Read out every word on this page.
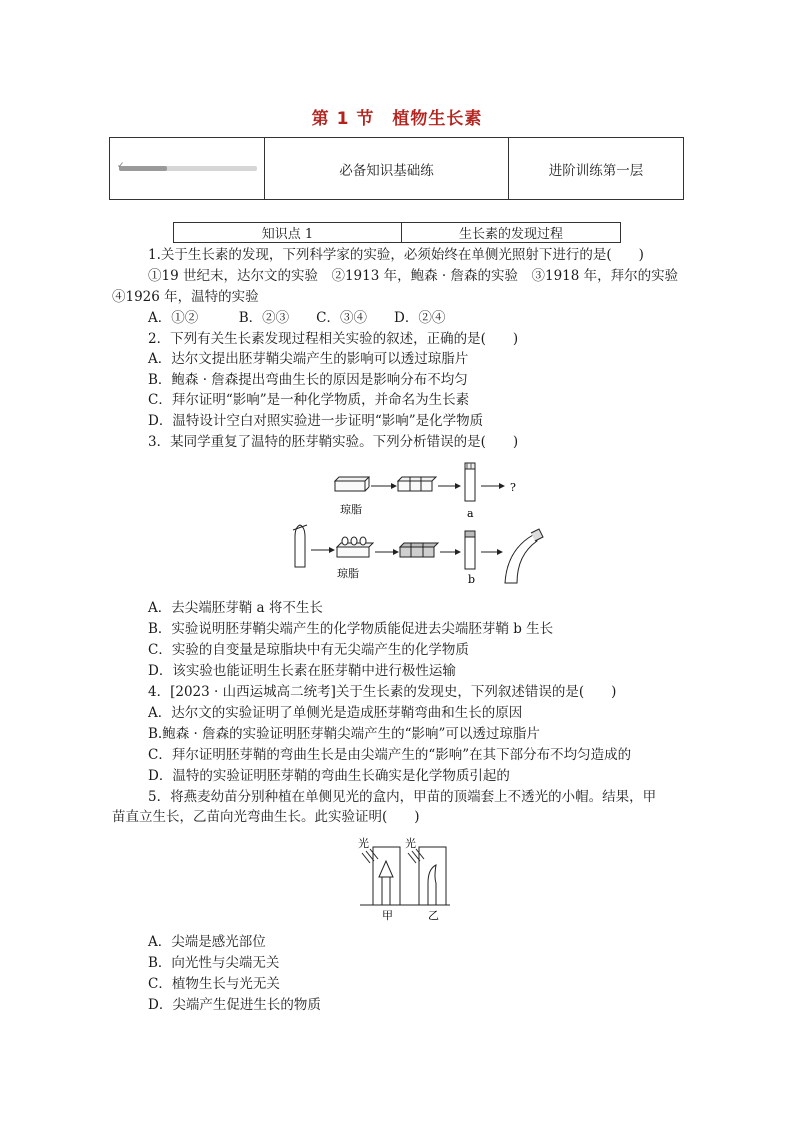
第 1 节　植物生长素
✓	必备知识基础练	进阶训练第一层
知识点 1	生长素的发现过程
1.关于生长素的发现，下列科学家的实验，必须始终在单侧光照射下进行的是(　　)
①19 世纪末，达尔文的实验　②1913 年，鲍森 · 詹森的实验　③1918 年，拜尔的实验
④1926 年，温特的实验
A．①②　　　B．②③　　C．③④　　D．②④
2．下列有关生长素发现过程相关实验的叙述，正确的是(　　)
A．达尔文提出胚芽鞘尖端产生的影响可以透过琼脂片
B．鲍森 · 詹森提出弯曲生长的原因是影响分布不均匀
C．拜尔证明“影响”是一种化学物质，并命名为生长素
D．温特设计空白对照实验进一步证明“影响”是化学物质
3．某同学重复了温特的胚芽鞘实验。下列分析错误的是(　　)
?
琼脂	a
琼脂	b
A．去尖端胚芽鞘 a 将不生长
B．实验说明胚芽鞘尖端产生的化学物质能促进去尖端胚芽鞘 b 生长
C．实验的自变量是琼脂块中有无尖端产生的化学物质
D．该实验也能证明生长素在胚芽鞘中进行极性运输
4．[2023 · 山西运城高二统考]关于生长素的发现史，下列叙述错误的是(　　)
A．达尔文的实验证明了单侧光是造成胚芽鞘弯曲和生长的原因
B.鲍森 · 詹森的实验证明胚芽鞘尖端产生的“影响”可以透过琼脂片
C．拜尔证明胚芽鞘的弯曲生长是由尖端产生的“影响”在其下部分布不均匀造成的
D．温特的实验证明胚芽鞘的弯曲生长确实是化学物质引起的
5．将燕麦幼苗分别种植在单侧见光的盒内，甲苗的顶端套上不透光的小帽。结果，甲
苗直立生长，乙苗向光弯曲生长。此实验证明(　　)
光	光
甲	乙
A．尖端是感光部位
B．向光性与尖端无关
C．植物生长与光无关
D．尖端产生促进生长的物质
